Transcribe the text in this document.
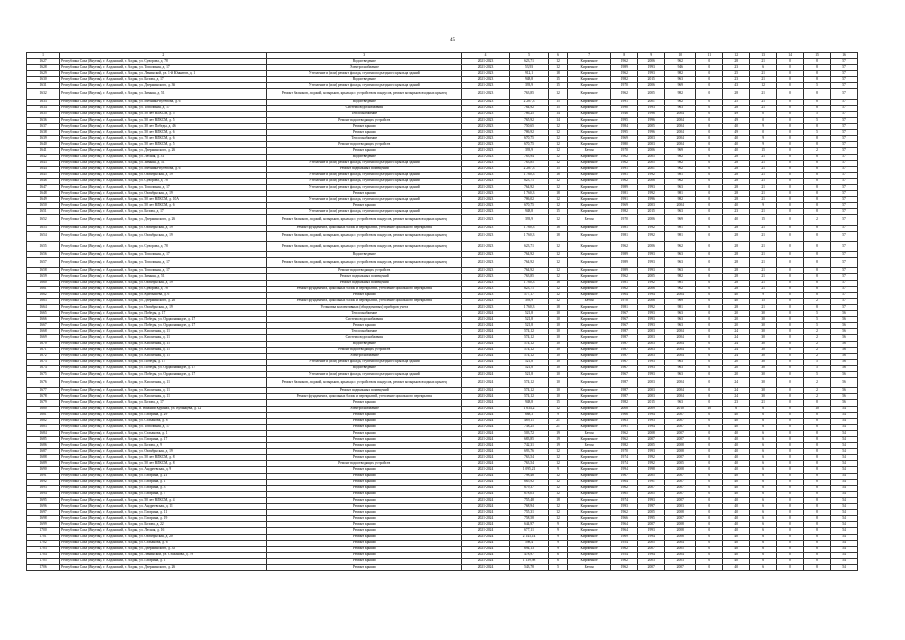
45
1	2	3	4	5	6	7	8	9	10	11	12	13	14	15	16
1627	Республика Саха (Якутия), г. Алданский, г. Алдан, ул. Суворова, д. 78	Водоотведение	2021-2023	623,71	12	Кирпичное	1962	2006	962	0	28	21	0	8	57
1628	Республика Саха (Якутия), г. Алданский, г. Алдан, ул. Тополиная, д. 17	Электроснабжение	2021-2023	53,93	12	Кирпичное	1989	1993	946	0	23	6	0	8	57
1629	Республика Саха (Якутия), г. Алданский, г. Алдан, ул. Ленинской, ул. 1-й Юннатов, д. 1	Утепление и (или) ремонт фасада, ступени подъездного крыльца зданий	2021-2023	912,1	18	Кирпичное	1962	1993	982	0	25	21	0	8	57
1630	Республика Саха (Якутия), г. Алданский, г. Алдан, ул. Бозова, д. 17	Водоотведение	2021-2023	948,8	15	Кирпичное	1982	2015	963	0	23	21	0	8	57
1631	Республика Саха (Якутия), г. Алданский, г. Алдан, ул. Дзержинского, д. 36	Утепление и (или) ремонт фасада, ступени подъездного крыльца зданий	2021-2023	393,9	15	Кирпичное	1970	2006	969	0	43	12	0	5	57
1632	Республика Саха (Якутия), г. Алданский, г. Алдан, ул. Зимняя, д. 51	Ремонт балконов, лоджий, козырьков, крыльца с устройством пандусов, ремонт козырьков входных крылец	2021-2023	763,85	12	Кирпичное	1962	2005	982	0	28	21	0	8	57
1633	Республика Саха (Якутия), г. Алданский, г. Алдан, ул. Мечника-Кутепова, д. 6	Водоотведение	2021-2023	2 287,3	15	Кирпичное	1991	2001	962	0	25	21	0	8	57
1634	Республика Саха (Якутия), г. Алданский, г. Алдан, ул. Тополиная, д. 17	Система водоснабжения	2021-2023	764,92	15	Кирпичное	1990	1993	963	0	28	21	0	8	57
1635	Республика Саха (Якутия), г. Алданский, г. Алдан, ул. 50 лет ВЛКСМ, д. 5	Теплоснабжение	2021-2023	766,25	14	Кирпичное	1946	1996	2004	0	49	0	0	5	57
1636	Республика Саха (Якутия), г. Алданский, г. Алдан, ул. 50 лет ВЛКСМ, д. 5	Ремонт водоотводящих устройств	2021-2023	765,92	14	Кирпичное	1995	1996	2004	0	49	0	0	5	57
1637	Республика Саха (Якутия), г. Алданский, г. Алдан, ул. 30 лет Победы, д. 46	Ремонт крыши	2021-2023	750,65	12	Кирпичное	1984	2005	2004	0	40	9	0	8	57
1638	Республика Саха (Якутия), г. Алданский, г. Алдан, ул. 50 лет ВЛКСМ, д. 6	Ремонт крыши	2021-2023	786,92	12	Кирпичное	1995	1996	2004	0	49	0	0	5	57
1639	Республика Саха (Якутия), г. Алданский, г. Алдан, ул. 70 лет ВЛКСМ, д. 6	Теплоснабжение	2021-2023	670,75	12	Кирпичное	1969	2003	2004	0	40	9	0	8	57
1640	Республика Саха (Якутия), г. Алданский, г. Алдан, ул. 50 лет ВЛКСМ, д. 5	Ремонт водоотводящих устройств	2021-2023	670,75	12	Кирпичное	1980	2003	2004	0	40	9	0	8	57
1641	Республика Саха (Якутия), г. Алданский, г. Алдан, ул. Дзержинского, д. 26	Ремонт крыши	2021-2023	393,9	12	Бетон	1970	2006	969	0	40	15	0	2	57
1642	Республика Саха (Якутия), г. Алданский, г. Алдан, ул. Лесная, д. 31	Водоотведение	2021-2023	783,94	12	Кирпичное	1962	2005	982	0	28	21	0	8	57
1643	Республика Саха (Якутия), г. Алданский, г. Алдан, ул. Зимняя, д. 51	Утепление и (или) ремонт фасада, ступени подъездного крыльца зданий	2021-2023	763,85	12	Кирпичное	1962	2005	982	0	28	21	0	8	57
1644	Республика Саха (Якутия), г. Алданский, г. Алдан, ул. Мечника-Кутепова, д. 6	Ремонт подвальных помещений	2021-2023	2 287,3	15	Кирпичное	1991	2001	962	0	28	21	0	8	57
1645	Республика Саха (Якутия), г. Алданский, г. Алдан, ул. Октябрьская, д. 19	Утепление и (или) ремонт фасада, ступени подъездного крыльца зданий	2021-2023	1 760,3	18	Кирпичное	1981	1992	981	0	28	21	0	8	57
1646	Республика Саха (Якутия), г. Алданский, г. Алдан, ул. Суворова, д. 78	Утепление и (или) ремонт фасада, ступени подъездного крыльца зданий	2021-2023	623,71	12	Кирпичное	1962	2006	962	0	28	21	0	8	57
1647	Республика Саха (Якутия), г. Алданский, г. Алдан, ул. Тополиная, д. 17	Утепление и (или) ремонт фасада, ступени подъездного крыльца зданий	2021-2023	764,92	12	Кирпичное	1989	1993	963	0	28	21	0	8	57
1648	Республика Саха (Якутия), г. Алданский, г. Алдан, ул. Октябрьская, д. 19	Ремонт крыши	2021-2023	1 760,3	18	Кирпичное	1981	1992	981	0	28	21	0	8	57
1649	Республика Саха (Якутия), г. Алданский, г. Алдан, ул. 50 лет ВЛКСМ, д. 10А	Утепление и (или) ремонт фасада, ступени подъездного крыльца зданий	2021-2023	786,02	12	Кирпичное	1991	1996	982	0	28	21	0	8	57
1650	Республика Саха (Якутия), г. Алданский, г. Алдан, ул. 50 лет ВЛКСМ, д. 6	Ремонт крыши	2021-2023	670,75	12	Кирпичное	1969	2003	2004	0	40	9	0	8	57
1651	Республика Саха (Якутия), г. Алданский, г. Алдан, ул. Бозова, д. 17	Утепление и (или) ремонт фасада, ступени подъездного крыльца зданий	2021-2023	948,8	15	Кирпичное	1982	2015	963	0	23	21	0	8	57
1652	Республика Саха (Якутия), г. Алданский, г. Алдан, ул. Дзержинского, д. 26	Ремонт балконов, лоджий, козырьков, крыльца с устройством пандусов, ремонт козырьков входных крылец	2021-2023	393,9	12	Бетон	1970	2006	969	0	40	15	0	2	57
1653	Республика Саха (Якутия), г. Алданский, г. Алдан, ул. Октябрьская, д. 19	Ремонт фундамента, цокольных балок и перекрытий, утепление цокольного перекрытия	2021-2023	1 760,3	18	Кирпичное	1981	1992	981	0	28	21	0	8	57
1654	Республика Саха (Якутия), г. Алданский, г. Алдан, ул. Октябрьская, д. 19	Ремонт балконов, лоджий, козырьков, крыльца с устройством пандусов, ремонт козырьков входных крылец	2021-2023	1 760,3	18	Кирпичное	1981	1992	981	0	28	21	0	8	57
1655	Республика Саха (Якутия), г. Алданский, г. Алдан, ул. Суворова, д. 78	Ремонт балконов, лоджий, козырьков, крыльца с устройством пандусов, ремонт козырьков входных крылец	2021-2023	623,71	12	Кирпичное	1962	2006	962	0	28	21	0	8	57
1656	Республика Саха (Якутия), г. Алданский, г. Алдан, ул. Тополиная, д. 17	Водоотведение	2021-2023	764,92	12	Кирпичное	1989	1993	963	0	28	21	0	8	57
1657	Республика Саха (Якутия), г. Алданский, г. Алдан, ул. Тополиная, д. 17	Ремонт балконов, лоджий, козырьков, крыльца с устройством пандусов, ремонт козырьков входных крылец	2021-2023	764,92	12	Кирпичное	1989	1993	963	0	28	21	0	8	57
1658	Республика Саха (Якутия), г. Алданский, г. Алдан, ул. Тополиная, д. 17	Ремонт водоотводящих устройств	2021-2023	764,92	12	Кирпичное	1989	1993	963	0	28	21	0	8	57
1659	Республика Саха (Якутия), г. Алданский, г. Алдан, ул. Зимняя, д. 51	Ремонт подвальных помещений	2021-2023	763,85	12	Кирпичное	1962	2005	982	0	28	21	0	8	57
1660	Республика Саха (Якутия), г. Алданский, г. Алдан, ул. Октябрьская, д. 19	Ремонт подвальных помещений	2021-2023	1 760,3	18	Кирпичное	1981	1992	981	0	28	21	0	8	57
1661	Республика Саха (Якутия), г. Алданский, г. Алдан, ул. Суворова, д. 78	Ремонт фундамента, цокольных балок и перекрытий, утепление цокольного перекрытия	2021-2023	623,71	12	Кирпичное	1962	2006	962	0	28	21	0	8	57
1662	Республика Саха (Якутия), г. Алданский, г. Алдан, ул. Куйбышева, д. 6	Ремонт крыши	2021-2023	577,17	12	Кирпичное	1964	1994	2004	0	40	9	0	8	57
1663	Республика Саха (Якутия), г. Алданский, г. Алдан, ул. Дзержинского, д. 26	Ремонт фундамента, цокольных балок и перекрытий, утепление цокольного перекрытия	2021-2023	393,9	12	Бетон	1970	2006	969	0	40	15	0	2	57
1664	Республика Саха (Якутия), г. Алданский, г. Алдан, ул. Октябрьская, д. 19	Установка коллективных (общедомовых) приборов учета	2021-2023	1 760,3	18	Кирпичное	1981	1992	981	0	28	21	0	8	57
1665	Республика Саха (Якутия), г. Алданский, г. Алдан, ул. Победы, д. 17	Теплоснабжение	2021-2024	521,8	10	Кирпичное	1967	1993	963	0	20	30	0	5	56
1666	Республика Саха (Якутия), г. Алданский, г. Алдан, ул. Победы, ул. Орджоникидзе, д. 17	Система водоснабжения	2021-2024	521,8	10	Кирпичное	1967	1993	963	0	20	30	0	5	56
1667	Республика Саха (Якутия), г. Алданский, г. Алдан, ул. Победы, ул. Орджоникидзе, д. 17	Ремонт крыши	2021-2024	521,8	10	Кирпичное	1967	1993	963	0	20	30	0	5	56
1668	Республика Саха (Якутия), г. Алданский, г. Алдан, ул. Кисличная, д. 11	Теплоснабжение	2021-2024	574,12	10	Кирпичное	1987	2003	2004	0	24	30	0	2	56
1669	Республика Саха (Якутия), г. Алданский, г. Алдан, ул. Кисличная, д. 11	Система водоснабжения	2021-2024	574,12	10	Кирпичное	1987	2003	2004	0	24	30	0	2	56
1670	Республика Саха (Якутия), г. Алданский, г. Алдан, ул. Кисличная, д. 11	Водоотведение	2021-2024	574,12	10	Кирпичное	1987	2003	2004	0	24	30	0	2	56
1671	Республика Саха (Якутия), г. Алданский, г. Алдан, ул. Кисличная, д. 11	Ремонт водоотводящих устройств	2021-2024	574,12	10	Кирпичное	1987	2003	2004	0	24	30	0	2	56
1672	Республика Саха (Якутия), г. Алданский, г. Алдан, ул. Кисличная, д. 11	Электроснабжение	2021-2024	574,12	10	Кирпичное	1987	2003	2004	0	24	30	0	2	56
1673	Республика Саха (Якутия), г. Алданский, г. Алдан, ул. Победы, д. 17	Утепление и (или) ремонт фасада, ступени подъездного крыльца зданий	2021-2024	521,8	10	Кирпичное	1967	1993	963	0	20	30	0	5	56
1674	Республика Саха (Якутия), г. Алданский, г. Алдан, ул. Победы, ул. Орджоникидзе, д. 17	Водоотведение	2021-2024	521,8	10	Кирпичное	1967	1993	963	0	20	30	0	5	56
1675	Республика Саха (Якутия), г. Алданский, г. Алдан, ул. Победы, ул. Орджоникидзе, д. 17	Утепление и (или) ремонт фасада, ступени подъездного крыльца зданий	2021-2024	521,8	10	Кирпичное	1967	1993	963	0	20	30	0	5	56
1676	Республика Саха (Якутия), г. Алданский, г. Алдан, ул. Кисличная, д. 11	Ремонт балконов, лоджий, козырьков, крыльца с устройством пандусов, ремонт козырьков входных крылец	2021-2024	574,12	10	Кирпичное	1987	2003	2004	0	24	30	0	2	56
1677	Республика Саха (Якутия), г. Алданский, г. Алдан, ул. Кисличная, д. 11	Ремонт подвальных помещений	2021-2024	574,12	10	Кирпичное	1987	2003	2004	0	24	30	0	2	56
1678	Республика Саха (Якутия), г. Алданский, г. Алдан, ул. Кисличная, д. 11	Ремонт фундамента, цокольных балок и перекрытий, утепление цокольного перекрытия	2021-2024	574,12	10	Кирпичное	1987	2003	2004	0	24	30	0	2	56
1679	Республика Саха (Якутия), г. Алданский, г. Алдан, ул. Бозова, д. 17	Ремонт крыши	2021-2024	948,8	15	Кирпичное	1982	2015	963	0	23	21	0	8	56
1680	Республика Саха (Якутия), г. Алданский, г. Алдан, п. Нижний Куранах, ул. Кубанцева, д. 12	Электроснабжение	2021-2024	1 634,2	12	Кирпичное	2008	2009	2010	10	6	6	0	10	54
1681	Республика Саха (Якутия), г. Алданский, г. Алдан, ул. Гагарина, д. 29	Ремонт крыши	2021-2024	688,3	9	Кирпичное	1966	1994	2007	0	40	6	0	8	54
1682	Республика Саха (Якутия), г. Алданский, г. Алдан, ул. Стахановa, д. 8	Ремонт крыши	2021-2024	469,11	21	Кирпичное	1963	1993	2007	0	40	6	0	8	54
1683	Республика Саха (Якутия), г. Алданский, г. Алдан, ул. Тополиная, д. 17	Ремонт крыши	2021-2024	738,25	21	Кирпичное	1991	1994	2007	0	40	6	0	8	54
1684	Республика Саха (Якутия), г. Алданский, г. Алдан, ул. Стахановa, д. 1	Ремонт крыши	2021-2024	503,72	19	Бетон	1962	2008	2007	0	40	6	0	8	54
1685	Республика Саха (Якутия), г. Алданский, г. Алдан, ул. Гагарина, д. 17	Ремонт крыши	2021-2024	683,85	19	Кирпичное	1962	2007	2007	0	40	6	0	8	54
1686	Республика Саха (Якутия), г. Алданский, г. Алдан, ул. Бозова, д. 9	Ремонт крыши	2021-2024	742,31	19	Бетон	1982	2005	2008	0	40	6	0	8	54
1687	Республика Саха (Якутия), г. Алданский, г. Алдан, ул. Октябрьская, д. 19	Ремонт крыши	2021-2024	693,76	12	Кирпичное	1970	1993	2008	0	40	6	0	8	54
1688	Республика Саха (Якутия), г. Алданский, г. Алдан, ул. 50 лет ВЛКСМ, д. 8	Ремонт крыши	2021-2024	763,54	12	Кирпичное	1974	1992	2007	0	40	6	0	8	54
1689	Республика Саха (Якутия), г. Алданский, г. Алдан, ул. 50 лет ВЛКСМ, д. 8	Ремонт водоотводящих устройств	2021-2024	763,54	12	Кирпичное	1974	1992	2005	0	40	6	0	8	54
1690	Республика Саха (Якутия), г. Алданский, г. Алдан, ул. Андреевская, д. 9	Ремонт крыши	2021-2024	1 095,21	9	Кирпичное	1994	1998	2008	0	40	6	0	8	54
1691	Республика Саха (Якутия), г. Алданский, г. Алдан, ул. Гагарина, д. 21	Ремонт крыши	2021-2024	798,48	12	Кирпичное	1967	2005	2007	0	40	6	0	8	54
1692	Республика Саха (Якутия), г. Алданский, г. Алдан, ул. Гагарина, д. 1	Ремонт крыши	2021-2024	665,92	12	Кирпичное	1964	1991	2007	0	40	6	0	8	54
1693	Республика Саха (Якутия), г. Алданский, г. Алдан, ул. Гагарина, д. 3	Ремонт крыши	2021-2024	679,37	12	Кирпичное	1962	2007	2007	0	40	6	0	8	54
1694	Республика Саха (Якутия), г. Алданский, г. Алдан, ул. Гагарина, д. 7	Ремонт крыши	2021-2024	678,03	12	Кирпичное	1965	2005	2007	0	40	6	0	8	54
1695	Республика Саха (Якутия), г. Алданский, г. Алдан, ул. 50 лет ВЛКСМ, д. 4	Ремонт крыши	2021-2024	755,48	18	Кирпичное	1974	1993	2007	0	40	6	0	8	54
1696	Республика Саха (Якутия), г. Алданский, г. Алдан, ул. Андреевская, д. 11	Ремонт крыши	2021-2024	768,94	12	Кирпичное	1993	1997	2003	0	40	6	0	8	54
1697	Республика Саха (Якутия), г. Алданский, г. Алдан, ул. Гагарина, д. 11	Ремонт крыши	2021-2024	755,31	12	Кирпичное	1962	2005	2008	0	40	6	0	8	54
1698	Республика Саха (Якутия), г. Алданский, г. Алдан, ул. Гагарина, д. 19	Ремонт крыши	2021-2024	758,58	12	Кирпичное	1966	1995	2007	0	40	6	0	8	54
1699	Республика Саха (Якутия), г. Алданский, г. Алдан, ул. Бозова, д. 22	Ремонт крыши	2021-2024	644,97	9	Кирпичное	1964	2007	2008	0	40	6	0	8	54
1700	Республика Саха (Якутия), г. Алданский, г. Алдан, ул. Лесная, д. 16	Ремонт крыши	2021-2024	677,11	9	Кирпичное	1964	1993	2008	0	40	6	0	8	54
1701	Республика Саха (Якутия), г. Алданский, г. Алдан, ул. Октябрьская, д. 20	Ремонт крыши	2021-2024	2 143,14	9	Кирпичное	1969	1994	2008	0	40	6	0	8	54
1702	Республика Саха (Якутия), г. Алданский, г. Алдан, ул. Стахановa, д. 6	Ремонт крыши	2021-2024	598,4	9	Кирпичное	1954	2005	2004	0	40	6	0	8	54
1703	Республика Саха (Якутия), г. Алданский, г. Алдан, ул. Дзержинского, д. 35	Ремонт крыши	2021-2024	694,13	9	Кирпичное	1962	2007	2005	0	40	6	0	8	54
1704	Республика Саха (Якутия), г. Алданский, г. Алдан, ул. Ленинской, ул. Стахановa, д. 79	Ремонт крыши	2021-2024	478,97	6	Кирпичное	1954	1994	2004	0	40	6	0	8	54
1705	Республика Саха (Якутия), г. Алданский, г. Алдан, ул. Гагарина, д. 1	Ремонт крыши	2021-2024	1 139,98	6	Кирпичное	1962	2003	2003	0	40	6	0	8	54
1706	Республика Саха (Якутия), г. Алданский, г. Алдан, ул. Дзержинского, д. 26	Ремонт крыши	2021-2024	543,78	5	Бетон	1962	2007	2007	0	40	6	0	8	54
